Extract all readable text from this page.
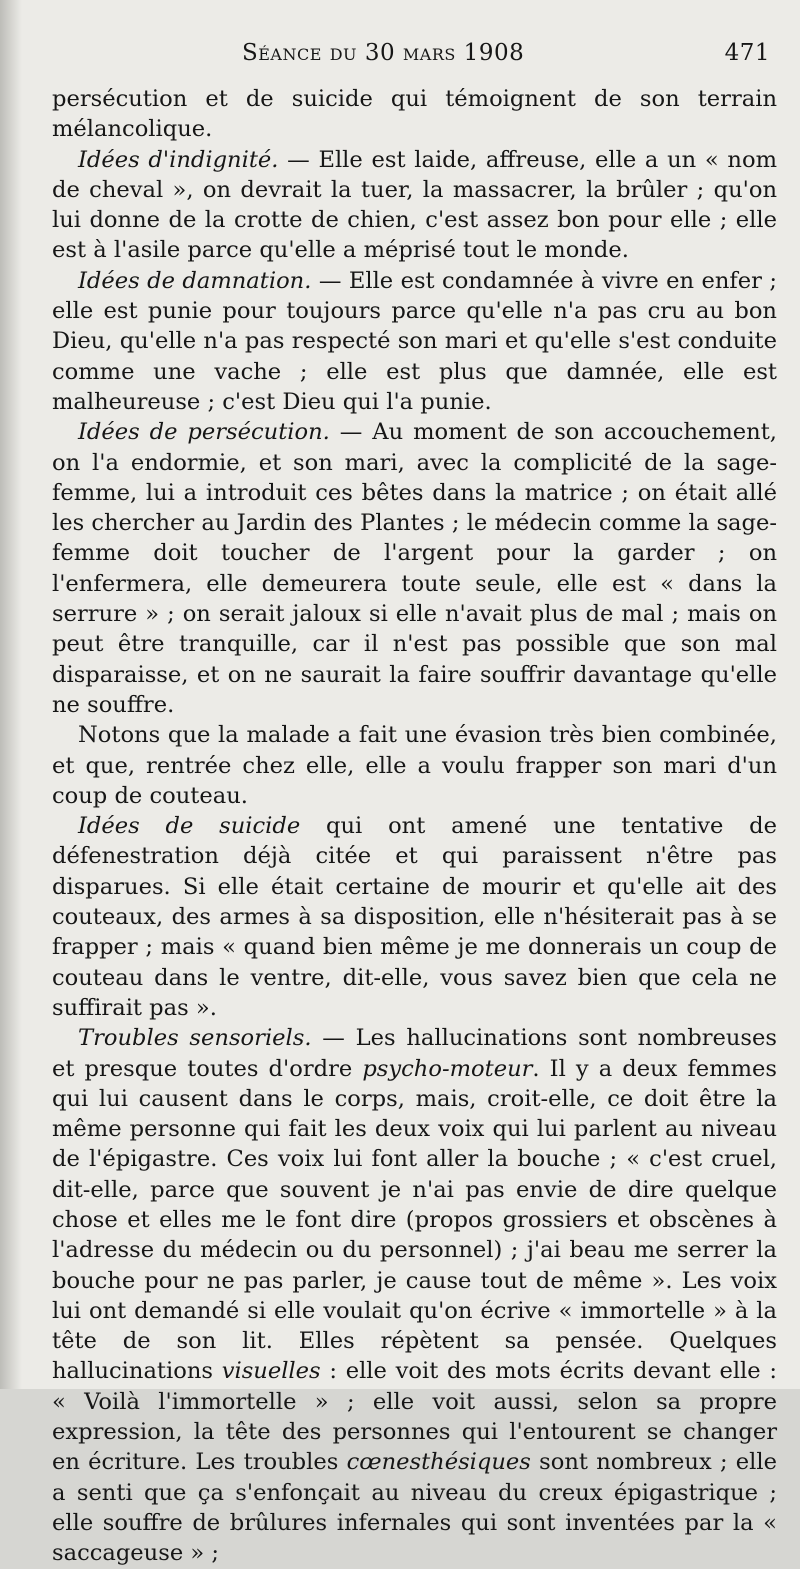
Séance du 30 mars 1908	471

persécution et de suicide qui témoignent de son terrain mélancolique.

Idées d'indignité. — Elle est laide, affreuse, elle a un « nom de cheval », on devrait la tuer, la massacrer, la brûler ; qu'on lui donne de la crotte de chien, c'est assez bon pour elle ; elle est à l'asile parce qu'elle a méprisé tout le monde.

Idées de damnation. — Elle est condamnée à vivre en enfer ; elle est punie pour toujours parce qu'elle n'a pas cru au bon Dieu, qu'elle n'a pas respecté son mari et qu'elle s'est conduite comme une vache ; elle est plus que damnée, elle est malheureuse ; c'est Dieu qui l'a punie.

Idées de persécution. — Au moment de son accouchement, on l'a endormie, et son mari, avec la complicité de la sage-femme, lui a introduit ces bêtes dans la matrice ; on était allé les chercher au Jardin des Plantes ; le médecin comme la sage-femme doit toucher de l'argent pour la garder ; on l'enfermera, elle demeurera toute seule, elle est « dans la serrure » ; on serait jaloux si elle n'avait plus de mal ; mais on peut être tranquille, car il n'est pas possible que son mal disparaisse, et on ne saurait la faire souffrir davantage qu'elle ne souffre.

Notons que la malade a fait une évasion très bien combinée, et que, rentrée chez elle, elle a voulu frapper son mari d'un coup de couteau.

Idées de suicide qui ont amené une tentative de défenestration déjà citée et qui paraissent n'être pas disparues. Si elle était certaine de mourir et qu'elle ait des couteaux, des armes à sa disposition, elle n'hésiterait pas à se frapper ; mais « quand bien même je me donnerais un coup de couteau dans le ventre, dit-elle, vous savez bien que cela ne suffirait pas ».

Troubles sensoriels. — Les hallucinations sont nombreuses et presque toutes d'ordre psycho-moteur. Il y a deux femmes qui lui causent dans le corps, mais, croit-elle, ce doit être la même personne qui fait les deux voix qui lui parlent au niveau de l'épigastre. Ces voix lui font aller la bouche ; « c'est cruel, dit-elle, parce que souvent je n'ai pas envie de dire quelque chose et elles me le font dire (propos grossiers et obscènes à l'adresse du médecin ou du personnel) ; j'ai beau me serrer la bouche pour ne pas parler, je cause tout de même ». Les voix lui ont demandé si elle voulait qu'on écrive « immortelle » à la tête de son lit. Elles répètent sa pensée. Quelques hallucinations visuelles : elle voit des mots écrits devant elle : « Voilà l'immortelle » ; elle voit aussi, selon sa propre expression, la tête des personnes qui l'entourent se changer en écriture. Les troubles cœnesthésiques sont nombreux ; elle a senti que ça s'enfonçait au niveau du creux épigastrique ; elle souffre de brûlures infernales qui sont inventées par la « saccageuse » ;
